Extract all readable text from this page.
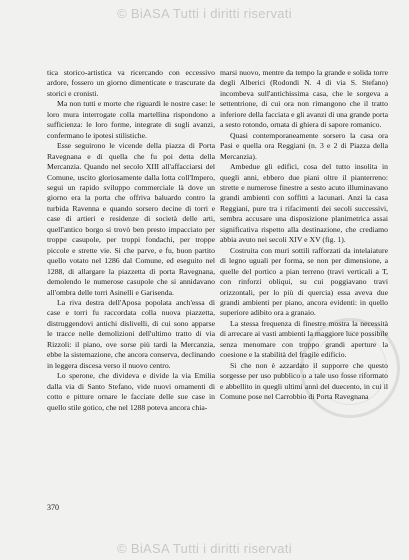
© BiASA Tutti i diritti riservati

tica storico-artistica va ricercando con eccessivo ardore, fossero un giorno dimenticate e trascurate da storici e cronisti.

Ma non tutti e morte che riguardi le nostre case: le loro mura interrogate colla martellina rispondono a sufficienza: le loro forme, integrate di sugli avanzi, confermano le ipotesi stilistiche.

Esse seguirono le vicende della piazza di Porta Ravegnana e di quella che fu poi detta della Mercanzia. Quando nel secolo XIII all'affacciarsi del Comune, uscito gloriosamente dalla lotta coll'Impero, segui un rapido sviluppo commerciale là dove un giorno era la porta che offriva baluardo contro la turbida Ravenna e quando sorsero decine di torri e case di artieri e residenze di società delle arti, quell'antico borgo si trovò ben presto impacciato per troppe casupole, per troppi fondachi, per troppe piccole e strette vie. Si che parve, e fu, buon partito quello votato nel 1286 dal Comune, ed eseguito nel 1288, di allargare la piazzetta di porta Ravegnana, demolendo le numerose casupole che si annidavano all'ombra delle torri Asinelli e Garisenda.

La riva destra dell'Aposa popolata anch'essa di case e torri fu raccordata colla nuova piazzetta, distruggendovi antichi dislivelli, di cui sono apparse le tracce nelle demolizioni dell'ultimo tratto di via Rizzoli: il piano, ove sorse più tardi la Mercanzia, ebbe la sistemazione, che ancora conserva, declinando in leggera discesa verso il nuovo centro.

Lo sperone, che divideva e divide la via Emilia dalla via di Santo Stefano, vide nuovi ornamenti di cotto e pitture ornare le facciate delle sue case in quello stile gotico, che nel 1288 poteva ancora chia-

marsi nuovo, mentre da tempo la grande e solida torre degli Alberici (Rodondi N. 4 di via S. Stefano) incombeva sull'antichissima casa, che le sorgeva a settentrione, di cui ora non rimangono che il tratto inferiore della facciata e gli avanzi di una grande porta a sesto rotondo, ornata di ghiera di sapore romanico.

Quasi contemporaneamente sorsero la casa ora Pasi e quella ora Reggiani (n. 3 e 2 di Piazza della Mercanzia).

Ambedue gli edifici, cosa del tutto insolita in quegli anni, ebbero due piani oltre il pianterreno: strette e numerose finestre a sesto acuto illuminavano grandi ambienti con soffitti a lacunari. Anzi la casa Reggiani, pure tra i rifacimenti dei secoli successivi, sembra accusare una disposizione planimetrica assai significativa rispetto alla destinazione, che crediamo abbia avuto nei secoli XIV e XV (fig. 1).

Costruita con muri sottili rafforzati da intelaiature di legno uguali per forma, se non per dimensione, a quelle del portico a pian terreno (travi verticali a T, con rinforzi obliqui, su cui poggiavano travi orizzontali, per lo più di quercia) essa aveva due grandi ambienti per piano, ancora evidenti: in quello superiore adibito ora a granaio.

La stessa frequenza di finestre mostra la necessità di arrecare ai vasti ambienti la maggiore luce possibile senza menomare con troppo grandi aperture la coesione e la stabilità del fragile edificio.

Si che non è azzardato il supporre che questo sorgesse per uso pubblico o a tale uso fosse riformato e abbellito in quegli ultimi anni del duecento, in cui il Comune pose nel Carrobbio di Porta Ravegnana

370
© BiASA Tutti i diritti riservati
